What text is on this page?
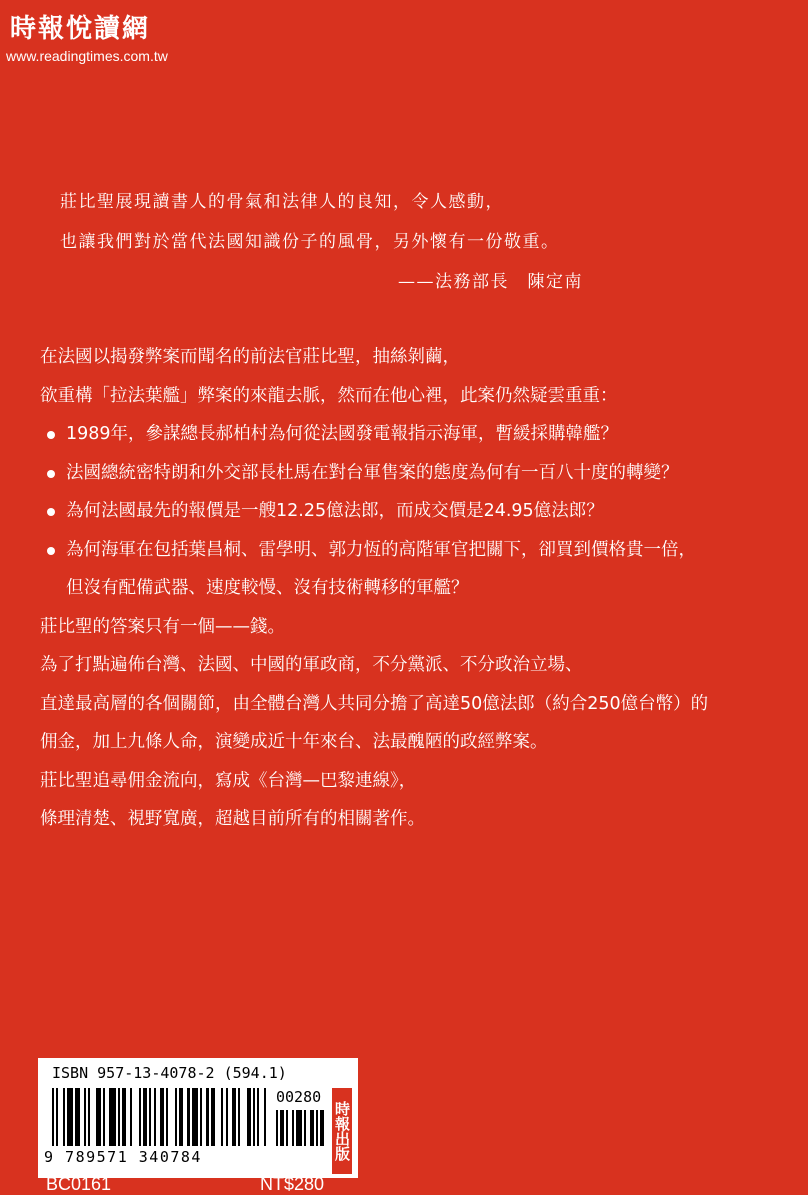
時報悅讀網
www.readingtimes.com.tw
莊比聖展現讀書人的骨氣和法律人的良知，令人感動，
也讓我們對於當代法國知識份子的風骨，另外懷有一份敬重。
——法務部長　陳定南
在法國以揭發弊案而聞名的前法官莊比聖，抽絲剝繭，
欲重構「拉法葉艦」弊案的來龍去脈，然而在他心裡，此案仍然疑雲重重：
1989年，參謀總長郝柏村為何從法國發電報指示海軍，暫緩採購韓艦？
法國總統密特朗和外交部長杜馬在對台軍售案的態度為何有一百八十度的轉變？
為何法國最先的報價是一艘12.25億法郎，而成交價是24.95億法郎？
為何海軍在包括葉昌桐、雷學明、郭力恆的高階軍官把關下，卻買到價格貴一倍，
但沒有配備武器、速度較慢、沒有技術轉移的軍艦？
莊比聖的答案只有一個——錢。
為了打點遍佈台灣、法國、中國的軍政商，不分黨派、不分政治立場、
直達最高層的各個關節，由全體台灣人共同分擔了高達50億法郎（約合250億台幣）的
佣金，加上九條人命，演變成近十年來台、法最醜陋的政經弊案。
莊比聖追尋佣金流向，寫成《台灣—巴黎連線》，
條理清楚、視野寬廣，超越目前所有的相關著作。
ISBN 957-13-4078-2 (594.1)
00280
9 789571 340784	時報出版
BC0161	NT$280
